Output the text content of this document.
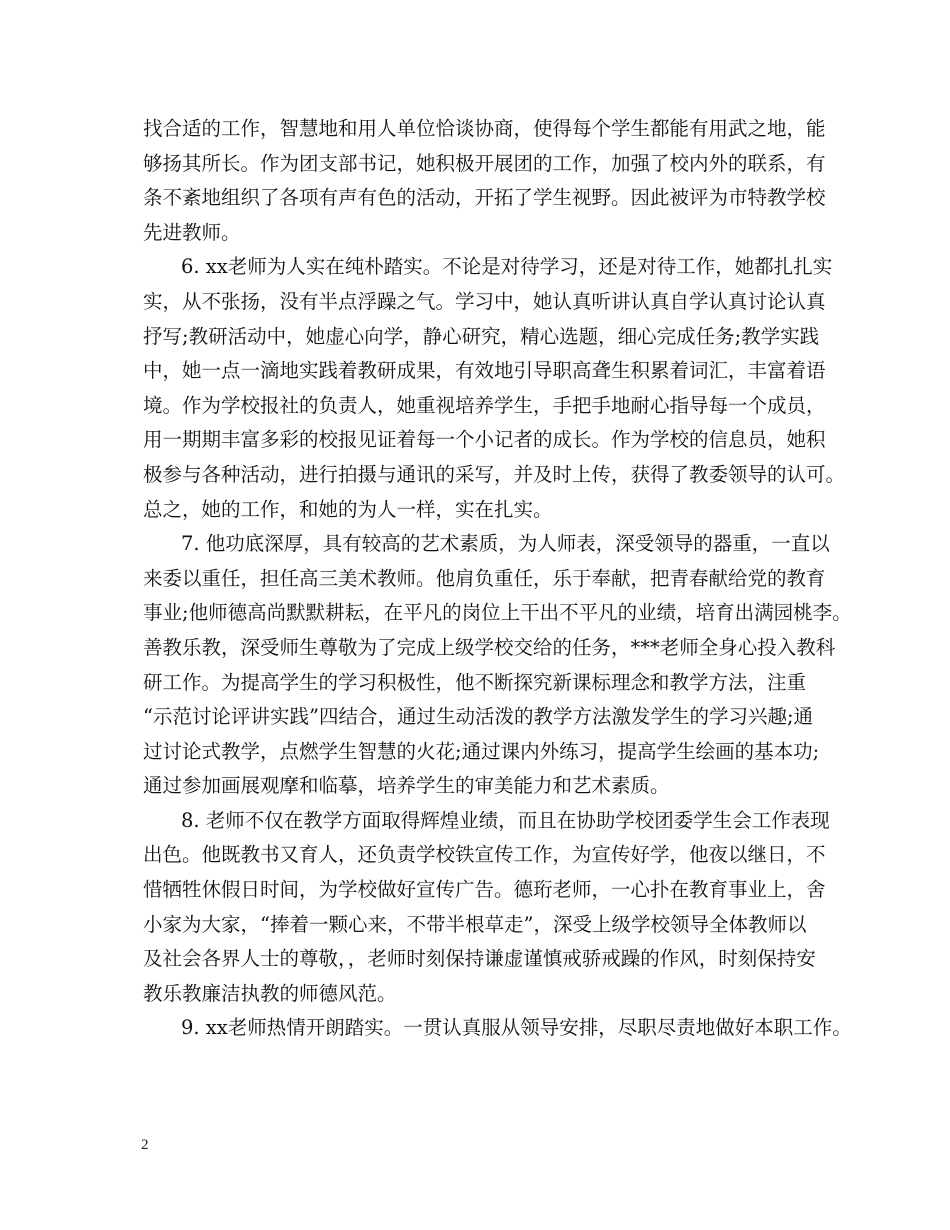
找合适的工作，智慧地和用人单位恰谈协商，使得每个学生都能有用武之地，能
够扬其所长。作为团支部书记，她积极开展团的工作，加强了校内外的联系，有
条不紊地组织了各项有声有色的活动，开拓了学生视野。因此被评为市特教学校
先进教师。
6. xx老师为人实在纯朴踏实。不论是对待学习，还是对待工作，她都扎扎实
实，从不张扬，没有半点浮躁之气。学习中，她认真听讲认真自学认真讨论认真
抒写;教研活动中，她虚心向学，静心研究，精心选题，细心完成任务;教学实践
中，她一点一滴地实践着教研成果，有效地引导职高聋生积累着词汇，丰富着语
境。作为学校报社的负责人，她重视培养学生，手把手地耐心指导每一个成员，
用一期期丰富多彩的校报见证着每一个小记者的成长。作为学校的信息员，她积
极参与各种活动，进行拍摄与通讯的采写，并及时上传，获得了教委领导的认可。
总之，她的工作，和她的为人一样，实在扎实。
7. 他功底深厚，具有较高的艺术素质，为人师表，深受领导的器重，一直以
来委以重任，担任高三美术教师。他肩负重任，乐于奉献，把青春献给党的教育
事业;他师德高尚默默耕耘，在平凡的岗位上干出不平凡的业绩，培育出满园桃李。
善教乐教，深受师生尊敬为了完成上级学校交给的任务，***老师全身心投入教科
研工作。为提高学生的学习积极性，他不断探究新课标理念和教学方法，注重
“示范讨论评讲实践”四结合，通过生动活泼的教学方法激发学生的学习兴趣;通
过讨论式教学，点燃学生智慧的火花;通过课内外练习，提高学生绘画的基本功;
通过参加画展观摩和临摹，培养学生的审美能力和艺术素质。
8. 老师不仅在教学方面取得辉煌业绩，而且在协助学校团委学生会工作表现
出色。他既教书又育人，还负责学校铁宣传工作，为宣传好学，他夜以继日，不
惜牺牲休假日时间，为学校做好宣传广告。德珩老师，一心扑在教育事业上，舍
小家为大家，“捧着一颗心来，不带半根草走”，深受上级学校领导全体教师以
及社会各界人士的尊敬，，老师时刻保持谦虚谨慎戒骄戒躁的作风，时刻保持安
教乐教廉洁执教的师德风范。
9. xx老师热情开朗踏实。一贯认真服从领导安排，尽职尽责地做好本职工作。
2
